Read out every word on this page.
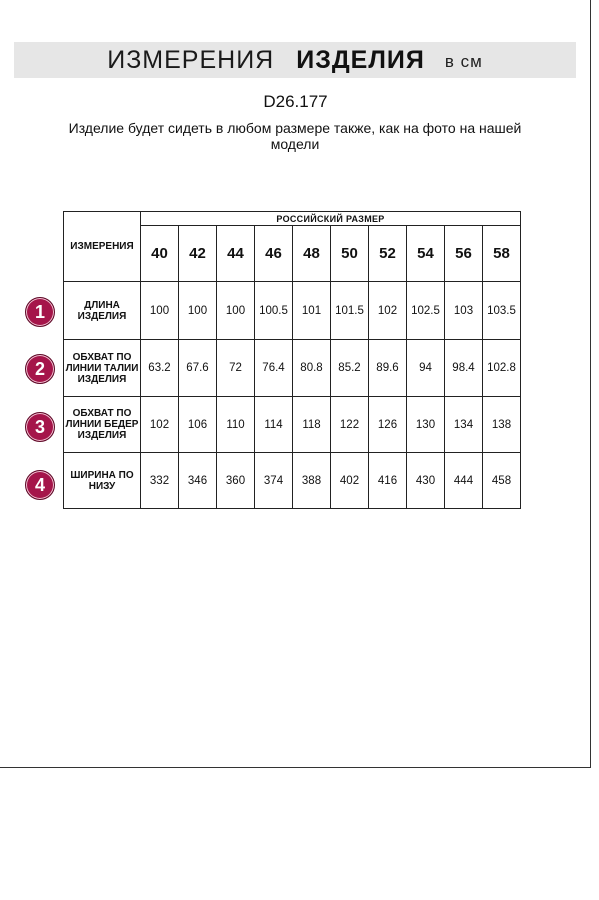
ИЗМЕРЕНИЯ ИЗДЕЛИЯ в см
D26.177
Изделие будет сидеть в любом размере также, как на фото на нашей модели
ИЗМЕРЕНИЯ	РОССИЙСКИЙ РАЗМЕР									
	40	42	44	46	48	50	52	54	56	58
ДЛИНА ИЗДЕЛИЯ	100	100	100	100.5	101	101.5	102	102.5	103	103.5
ОБХВАТ ПО ЛИНИИ ТАЛИИ ИЗДЕЛИЯ	63.2	67.6	72	76.4	80.8	85.2	89.6	94	98.4	102.8
ОБХВАТ ПО ЛИНИИ БЕДЕР ИЗДЕЛИЯ	102	106	110	114	118	122	126	130	134	138
ШИРИНА ПО НИЗУ	332	346	360	374	388	402	416	430	444	458
1
2
3
4
